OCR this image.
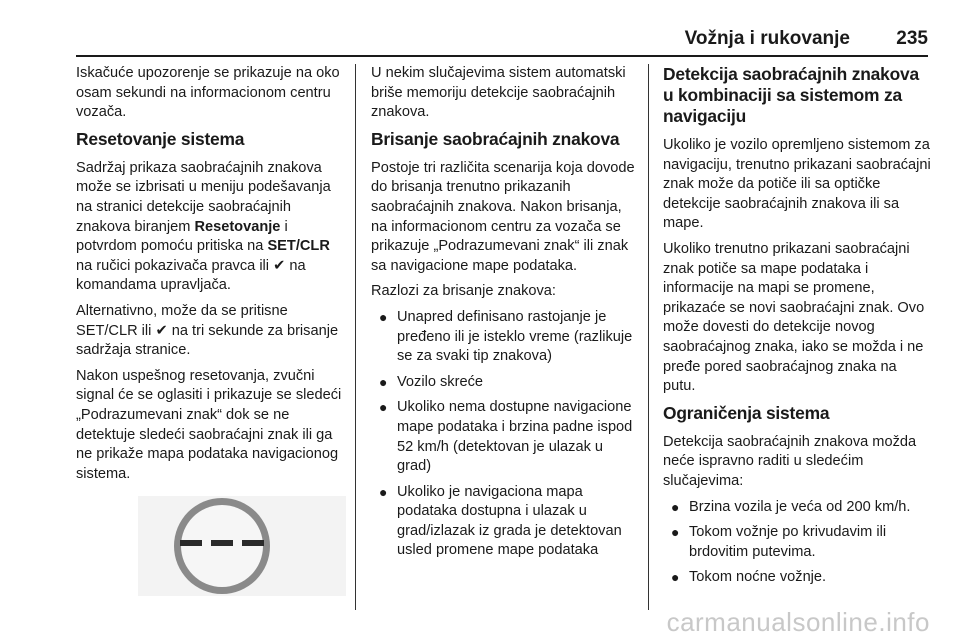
Vožnja i rukovanje 235

Iskačuće upozorenje se prikazuje na oko osam sekundi na informacionom centru vozača.

Resetovanje sistema

Sadržaj prikaza saobraćajnih znakova može se izbrisati u meniju podešavanja na stranici detekcije saobraćajnih znakova biranjem Resetovanje i potvrdom pomoću pritiska na SET/CLR na ručici pokazivača pravca ili ✔ na komandama upravljača.

Alternativno, može da se pritisne SET/CLR ili ✔ na tri sekunde za brisanje sadržaja stranice.

Nakon uspešnog resetovanja, zvučni signal će se oglasiti i prikazuje se sledeći „Podrazumevani znak“ dok se ne detektuje sledeći saobraćajni znak ili ga ne prikaže mapa podataka navigacionog sistema.

U nekim slučajevima sistem automatski briše memoriju detekcije saobraćajnih znakova.

Brisanje saobraćajnih znakova

Postoje tri različita scenarija koja dovode do brisanja trenutno prikazanih saobraćajnih znakova. Nakon brisanja, na informacionom centru za vozača se prikazuje „Podrazumevani znak“ ili znak sa navigacione mape podataka.

Razlozi za brisanje znakova:

● Unapred definisano rastojanje je pređeno ili je isteklo vreme (razlikuje se za svaki tip znakova)
● Vozilo skreće
● Ukoliko nema dostupne navigacione mape podataka i brzina padne ispod 52 km/h (detektovan je ulazak u grad)
● Ukoliko je navigaciona mapa podataka dostupna i ulazak u grad/izlazak iz grada je detektovan usled promene mape podataka
Detekcija saobraćajnih znakova u kombinaciji sa sistemom za navigaciju

Ukoliko je vozilo opremljeno sistemom za navigaciju, trenutno prikazani saobraćajni znak može da potiče ili sa optičke detekcije saobraćajnih znakova ili sa mape.

Ukoliko trenutno prikazani saobraćajni znak potiče sa mape podataka i informacije na mapi se promene, prikazaće se novi saobraćajni znak. Ovo može dovesti do detekcije novog saobraćajnog znaka, iako se možda i ne pređe pored saobraćajnog znaka na putu.

Ograničenja sistema

Detekcija saobraćajnih znakova možda neće ispravno raditi u sledećim slučajevima:

● Brzina vozila je veća od 200 km/h.
● Tokom vožnje po krivudavim ili brdovitim putevima.
● Tokom noćne vožnje.
carmanualsonline.info
